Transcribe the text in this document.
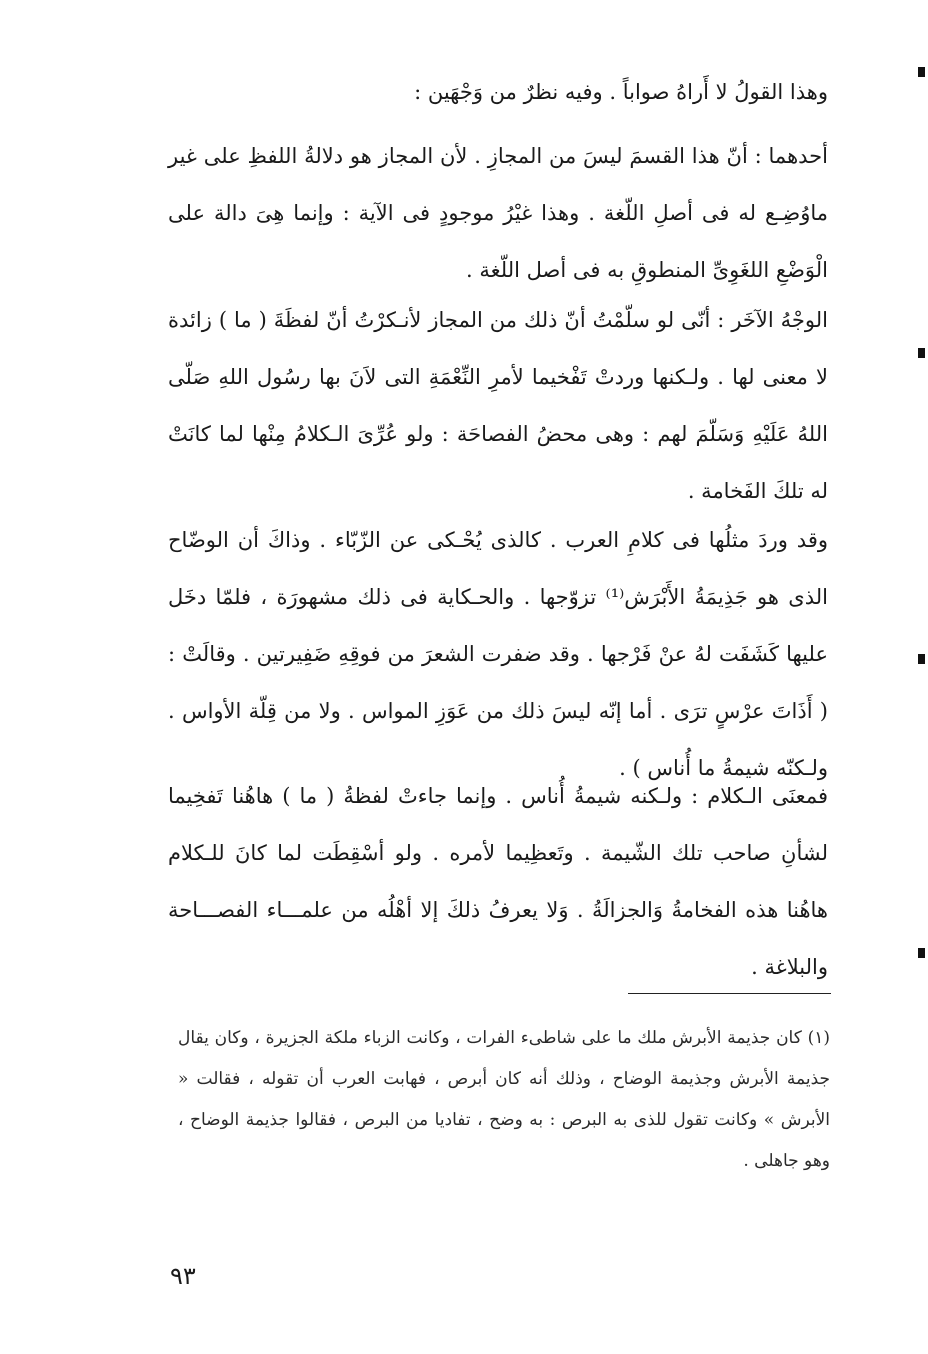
وهذا القولُ لا أَراهُ صواباً . وفيه نظرٌ من وَجْهَين :
أحدهما : أنّ هذا القسمَ ليسَ من المجازِ . لأن المجاز هو دلالةُ اللفظِ على غير ماوُضِـع له فى أصلِ اللّغة . وهذا غيْرُ موجودٍ فى الآية : وإنما هِىَ دالة على الْوَضْعِ اللغَوِىِّ المنطوقِ به فى أصل اللّغة .
الوجْهُ الآخَر : أنّى لو سلّمْتُ أنّ ذلك من المجاز لأنـكرْتُ أنّ لفظَةَ ( ما ) زائدة لا معنى لها . ولـكنها وردتْ تَفْخيما لأمرِ النِّعْمَةِ التى لاَنَ بها رسُول اللهِ صَلّى اللهُ عَلَيْهِ وَسَلّمَ لهم : وهى محضُ الفصاحَة : ولو عُرِّىَ الـكلامُ مِنْها لما كانَتْ له تلكَ الفَخامة .
وقد وردَ مثلُها فى كلامِ العرب . كالذى يُحْـكى عن الزّبّاء . وذاكَ أن الوضّاح الذى هو جَذِيمَةُ الأَبْرَش⁽¹⁾ تزوّجها . والحـكاية فى ذلك مشهورَة ، فلمّا دخَل عليها كَشَفَت لهُ عنْ فَرْجها . وقد ضفرت الشعرَ من فوقِهِ ضَفِيرتين . وقالَتْ : ( أَذَاتَ عرْسٍ ترَى . أما إنّه ليسَ ذلك من عَوَزِ المواس . ولا من قِلّة الأواس . ولـكنّه شيمةُ ما أُناس ) .
فمعنَى الـكلام : ولـكنه شيمةُ أُناس . وإنما جاءتْ لفظةُ ( ما ) هاهُنا تَفخِيما لشأنِ صاحب تلك الشّيمة . وتَعظِيما لأمره . ولو أسْقِطَت لما كانَ للـكلام هاهُنا هذه الفخامةُ وَالجزالَةُ . وَلا يعرفُ ذلكَ إلا أهْلُه من علمـــاء الفصـــاحة والبلاغة .
(١) كان جذيمة الأبرش ملك ما على شاطىء الفرات ، وكانت الزباء ملكة الجزيرة ، وكان يقال جذيمة الأبرش وجذيمة الوضاح ، وذلك أنه كان أبرص ، فهابت العرب أن تقوله ، فقالت « الأبرش » وكانت تقول للذى به البرص : به وضح ، تفاديا من البرص ، فقالوا جذيمة الوضاح ، وهو جاهلى .
٩٣
